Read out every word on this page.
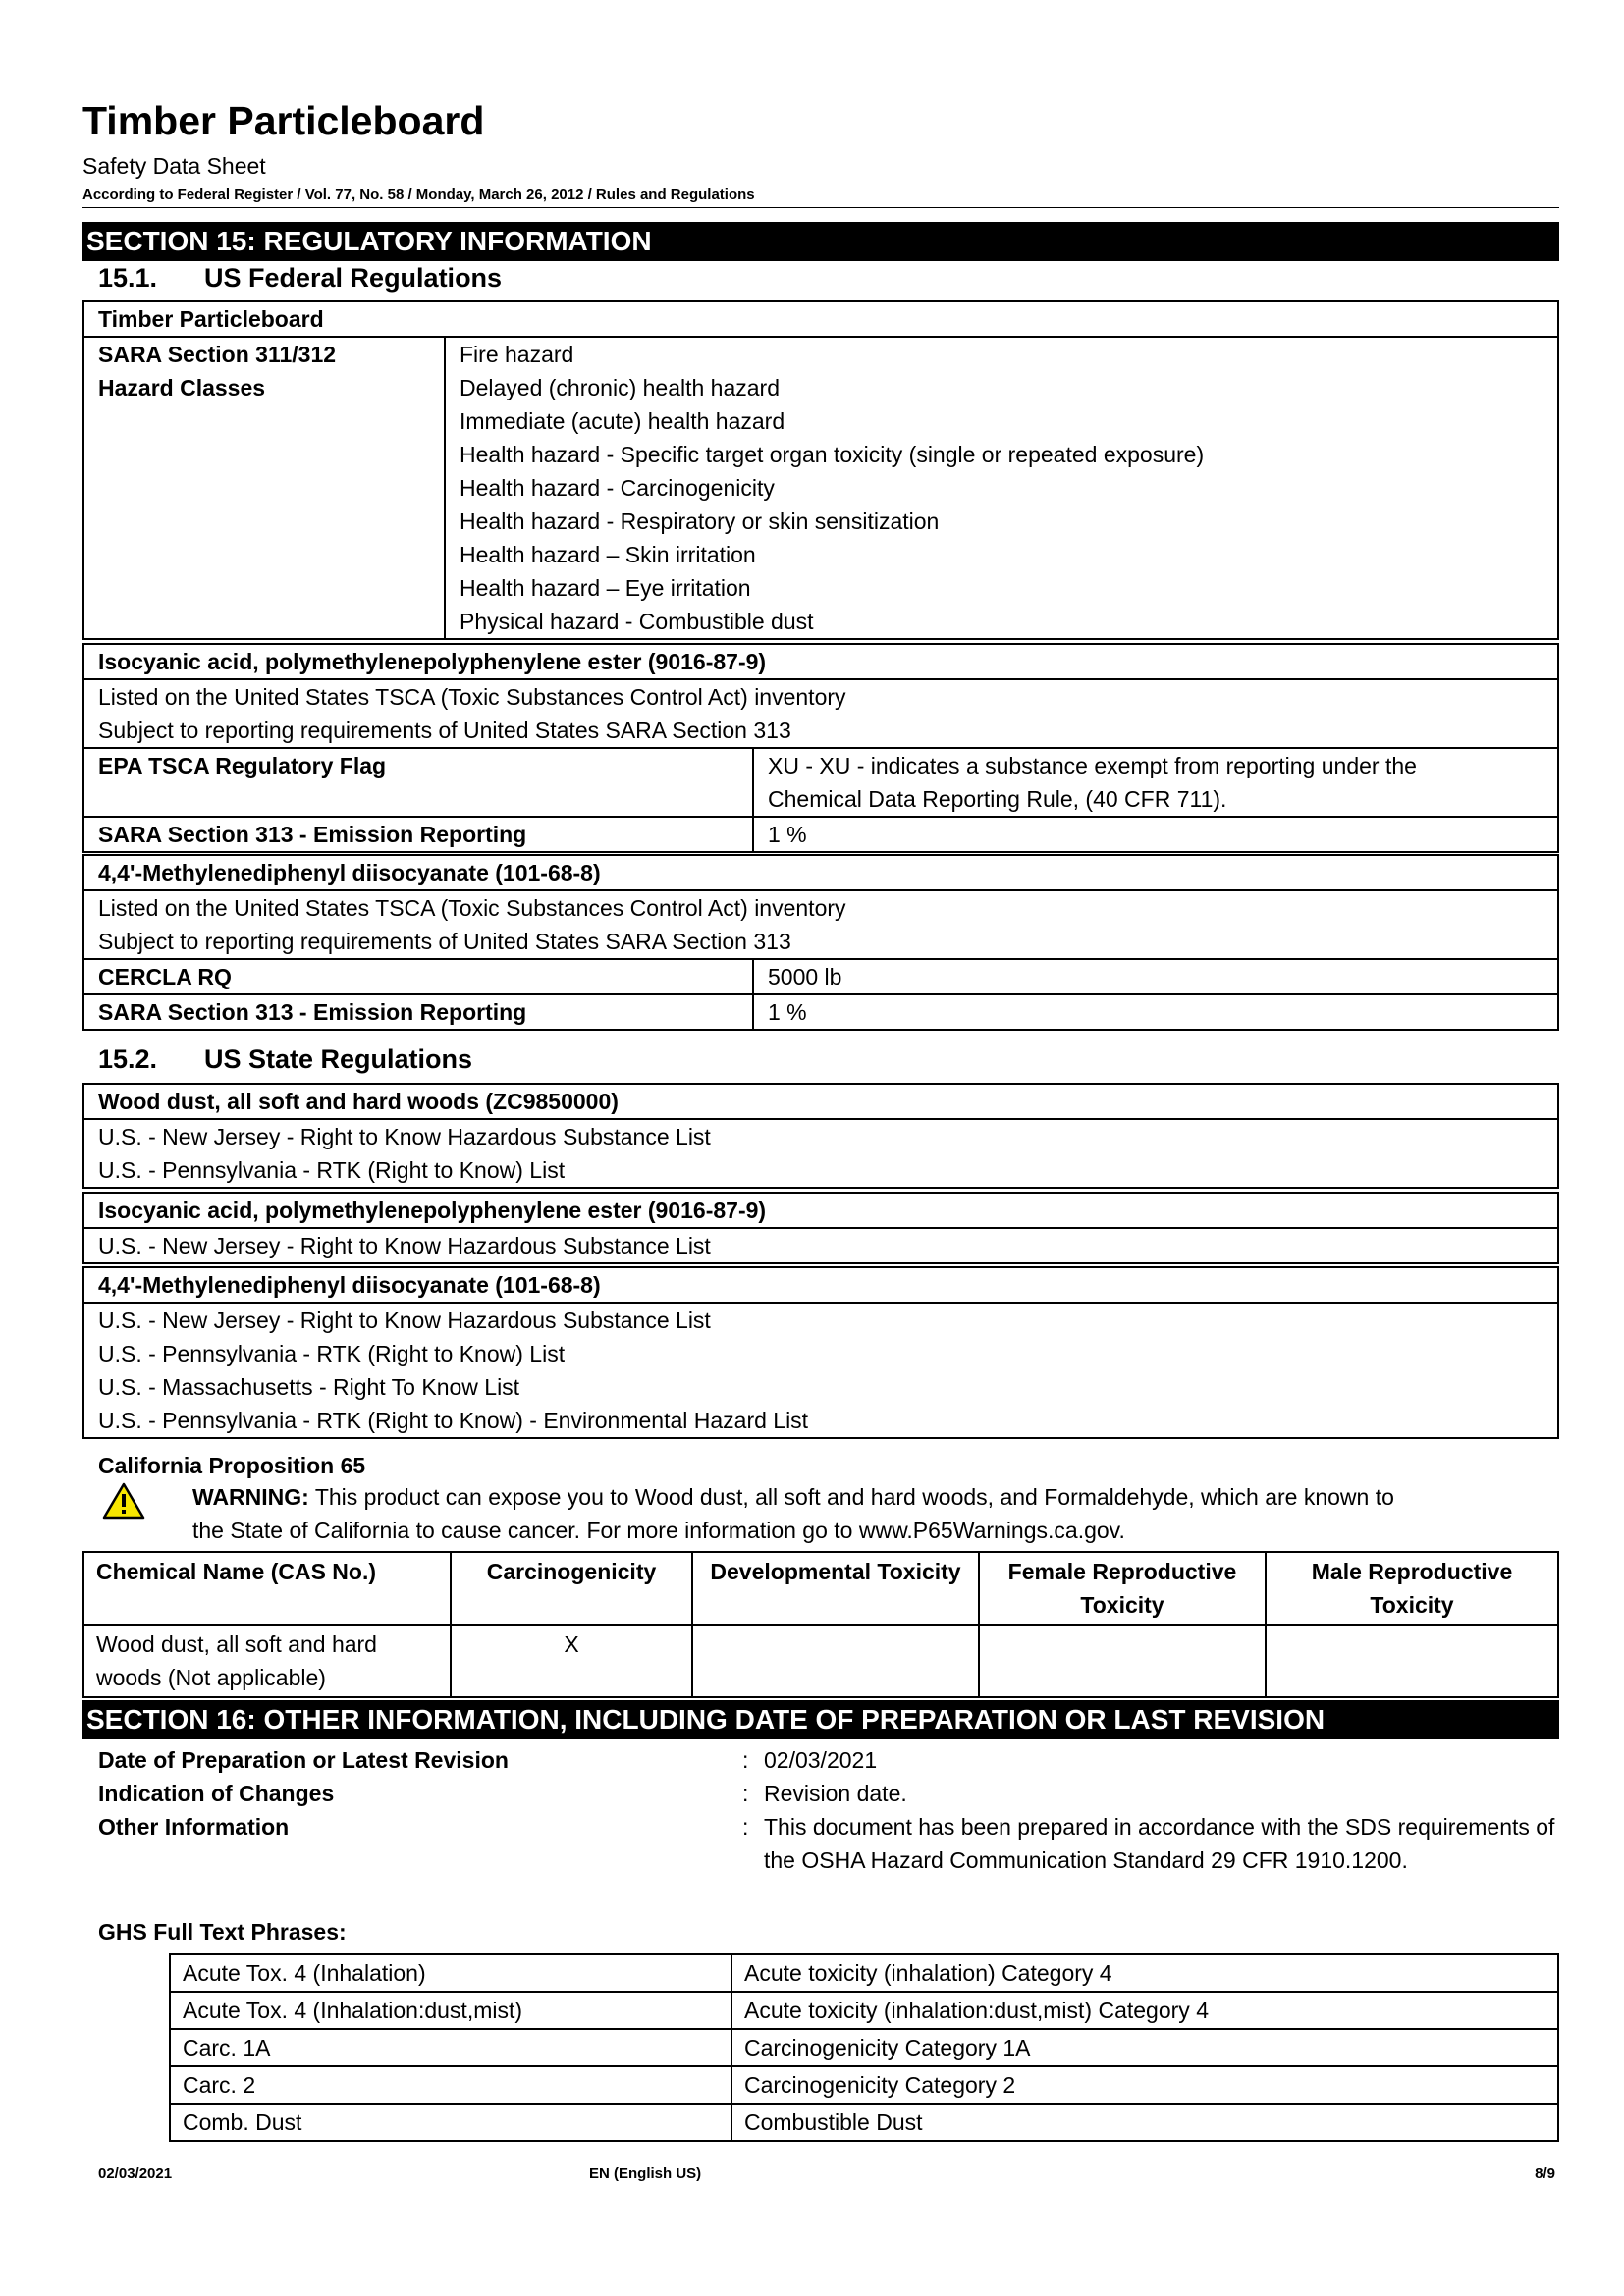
Timber Particleboard
Safety Data Sheet
According to Federal Register / Vol. 77, No. 58 / Monday, March 26, 2012 / Rules and Regulations
SECTION 15: REGULATORY INFORMATION
15.1. US Federal Regulations
Timber Particleboard

SARA Section 311/312
Hazard Classes

Fire hazard
Delayed (chronic) health hazard
Immediate (acute) health hazard
Health hazard - Specific target organ toxicity (single or repeated exposure)
Health hazard - Carcinogenicity
Health hazard - Respiratory or skin sensitization
Health hazard – Skin irritation
Health hazard – Eye irritation
Physical hazard - Combustible dust
Isocyanic acid, polymethylenepolyphenylene ester (9016-87-9)	

Listed on the United States TSCA (Toxic Substances Control Act) inventory
Subject to reporting requirements of United States SARA Section 313	

EPA TSCA Regulatory Flag	XU - XU - indicates a substance exempt from reporting under the
Chemical Data Reporting Rule, (40 CFR 711).

SARA Section 313 - Emission Reporting	1 %
4,4'-Methylenediphenyl diisocyanate (101-68-8)	

Listed on the United States TSCA (Toxic Substances Control Act) inventory
Subject to reporting requirements of United States SARA Section 313	

CERCLA RQ	5000 lb
SARA Section 313 - Emission Reporting	1 %
15.2. US State Regulations
Wood dust, all soft and hard woods (ZC9850000)

U.S. - New Jersey - Right to Know Hazardous Substance List
U.S. - Pennsylvania - RTK (Right to Know) List
Isocyanic acid, polymethylenepolyphenylene ester (9016-87-9)

U.S. - New Jersey - Right to Know Hazardous Substance List
4,4'-Methylenediphenyl diisocyanate (101-68-8)

U.S. - New Jersey - Right to Know Hazardous Substance List
U.S. - Pennsylvania - RTK (Right to Know) List
U.S. - Massachusetts - Right To Know List
U.S. - Pennsylvania - RTK (Right to Know) - Environmental Hazard List
California Proposition 65
WARNING: This product can expose you to Wood dust, all soft and hard woods, and Formaldehyde, which are known to
the State of California to cause cancer. For more information go to www.P65Warnings.ca.gov.
Chemical Name (CAS No.)	Carcinogenicity	Developmental Toxicity	Female Reproductive Toxicity	Male Reproductive Toxicity
Wood dust, all soft and hard woods (Not applicable)	X			
SECTION 16: OTHER INFORMATION, INCLUDING DATE OF PREPARATION OR LAST REVISION
Date of Preparation or Latest Revision	: 02/03/2021
Indication of Changes	: Revision date.
Other Information	: This document has been prepared in accordance with the SDS requirements of the OSHA Hazard Communication Standard 29 CFR 1910.1200.
GHS Full Text Phrases:
Acute Tox. 4 (Inhalation)	Acute toxicity (inhalation) Category 4
Acute Tox. 4 (Inhalation:dust,mist)	Acute toxicity (inhalation:dust,mist) Category 4
Carc. 1A	Carcinogenicity Category 1A
Carc. 2	Carcinogenicity Category 2
Comb. Dust	Combustible Dust
02/03/2021	EN (English US)	8/9
